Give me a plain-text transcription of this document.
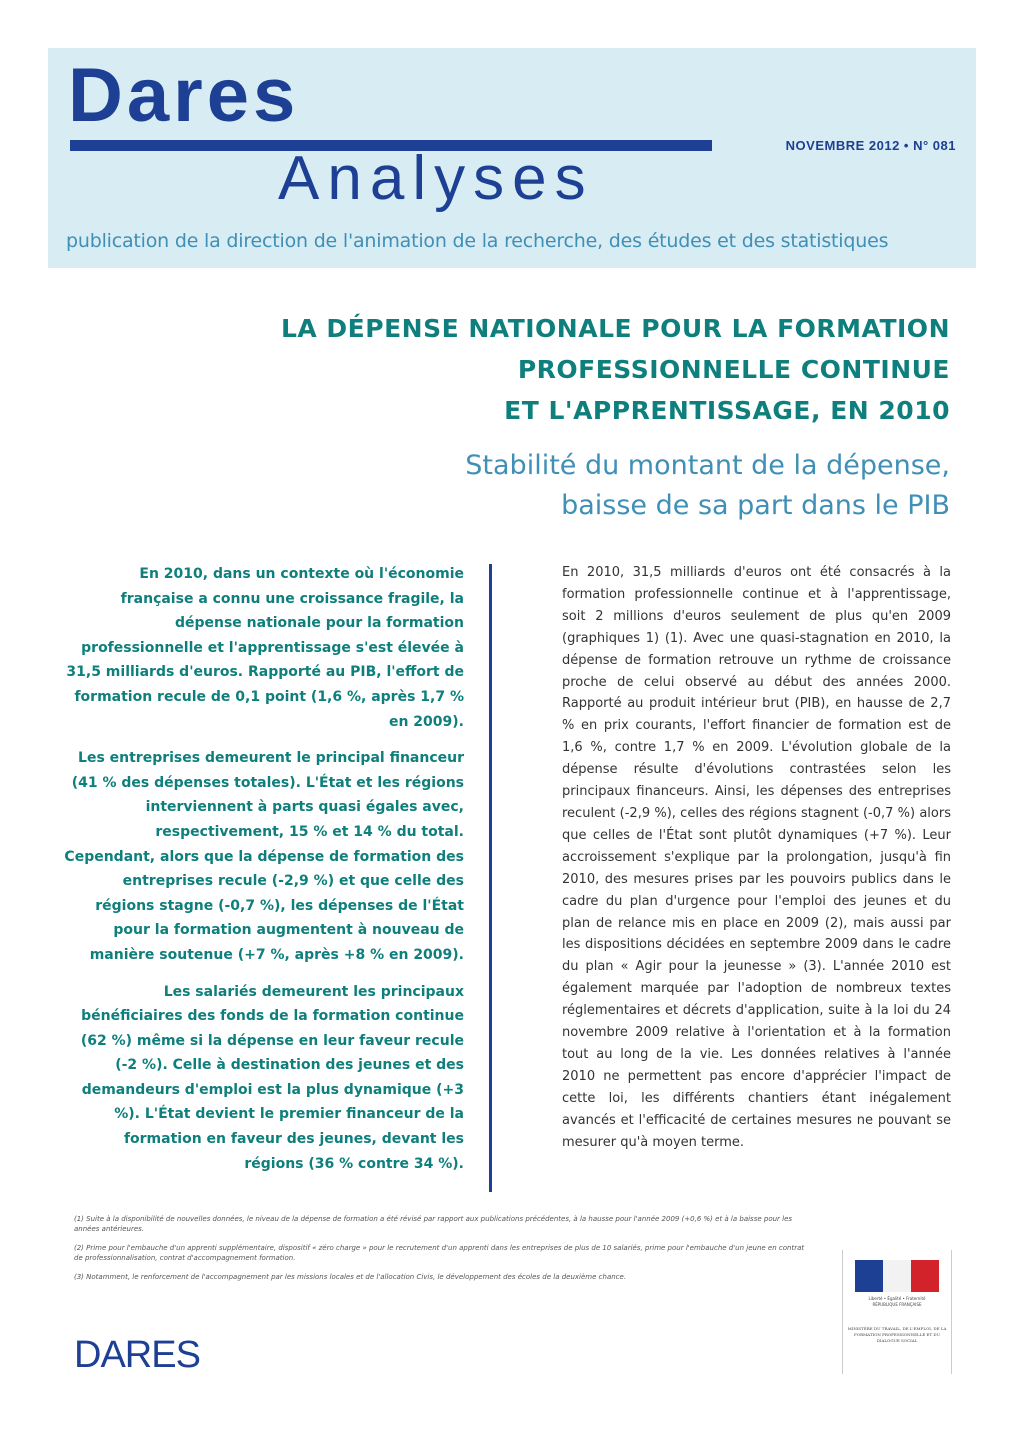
Dares
Analyses	NOVEMBRE 2012 • N° 081
publication de la direction de l'animation de la recherche, des études et des statistiques
LA DÉPENSE NATIONALE POUR LA FORMATION
PROFESSIONNELLE CONTINUE
ET L'APPRENTISSAGE, EN 2010
Stabilité du montant de la dépense,
baisse de sa part dans le PIB

En 2010, dans un contexte où l'économie française a connu une croissance fragile, la dépense nationale pour la formation professionnelle et l'apprentissage s'est élevée à 31,5 milliards d'euros. Rapporté au PIB, l'effort de formation recule de 0,1 point (1,6 %, après 1,7 % en 2009).

Les entreprises demeurent le principal financeur (41 % des dépenses totales). L'État et les régions interviennent à parts quasi égales avec, respectivement, 15 % et 14 % du total. Cependant, alors que la dépense de formation des entreprises recule (-2,9 %) et que celle des régions stagne (-0,7 %), les dépenses de l'État pour la formation augmentent à nouveau de manière soutenue (+7 %, après +8 % en 2009).

Les salariés demeurent les principaux bénéficiaires des fonds de la formation continue (62 %) même si la dépense en leur faveur recule (-2 %). Celle à destination des jeunes et des demandeurs d'emploi est la plus dynamique (+3 %). L'État devient le premier financeur de la formation en faveur des jeunes, devant les régions (36 % contre 34 %).

En 2010, 31,5 milliards d'euros ont été consacrés à la formation professionnelle continue et à l'apprentissage, soit 2 millions d'euros seulement de plus qu'en 2009 (graphiques 1) (1). Avec une quasi-stagnation en 2010, la dépense de formation retrouve un rythme de croissance proche de celui observé au début des années 2000. Rapporté au produit intérieur brut (PIB), en hausse de 2,7 % en prix courants, l'effort financier de formation est de 1,6 %, contre 1,7 % en 2009. L'évolution globale de la dépense résulte d'évolutions contrastées selon les principaux financeurs. Ainsi, les dépenses des entreprises reculent (-2,9 %), celles des régions stagnent (-0,7 %) alors que celles de l'État sont plutôt dynamiques (+7 %). Leur accroissement s'explique par la prolongation, jusqu'à fin 2010, des mesures prises par les pouvoirs publics dans le cadre du plan d'urgence pour l'emploi des jeunes et du plan de relance mis en place en 2009 (2), mais aussi par les dispositions décidées en septembre 2009 dans le cadre du plan « Agir pour la jeunesse » (3). L'année 2010 est également marquée par l'adoption de nombreux textes réglementaires et décrets d'application, suite à la loi du 24 novembre 2009 relative à l'orientation et à la formation tout au long de la vie. Les données relatives à l'année 2010 ne permettent pas encore d'apprécier l'impact de cette loi, les différents chantiers étant inégalement avancés et l'efficacité de certaines mesures ne pouvant se mesurer qu'à moyen terme.

(1) Suite à la disponibilité de nouvelles données, le niveau de la dépense de formation a été révisé par rapport aux publications précédentes, à la hausse pour l'année 2009 (+0,6 %) et à la baisse pour les années antérieures.

(2) Prime pour l'embauche d'un apprenti supplémentaire, dispositif « zéro charge » pour le recrutement d'un apprenti dans les entreprises de plus de 10 salariés, prime pour l'embauche d'un jeune en contrat de professionnalisation, contrat d'accompagnement formation.

(3) Notamment, le renforcement de l'accompagnement par les missions locales et de l'allocation Civis, le développement des écoles de la deuxième chance.

DARES
Liberté • Égalité • Fraternité
RÉPUBLIQUE FRANÇAISE
MINISTÈRE DU TRAVAIL, DE L'EMPLOI, DE LA FORMATION PROFESSIONNELLE ET DU DIALOGUE SOCIAL
